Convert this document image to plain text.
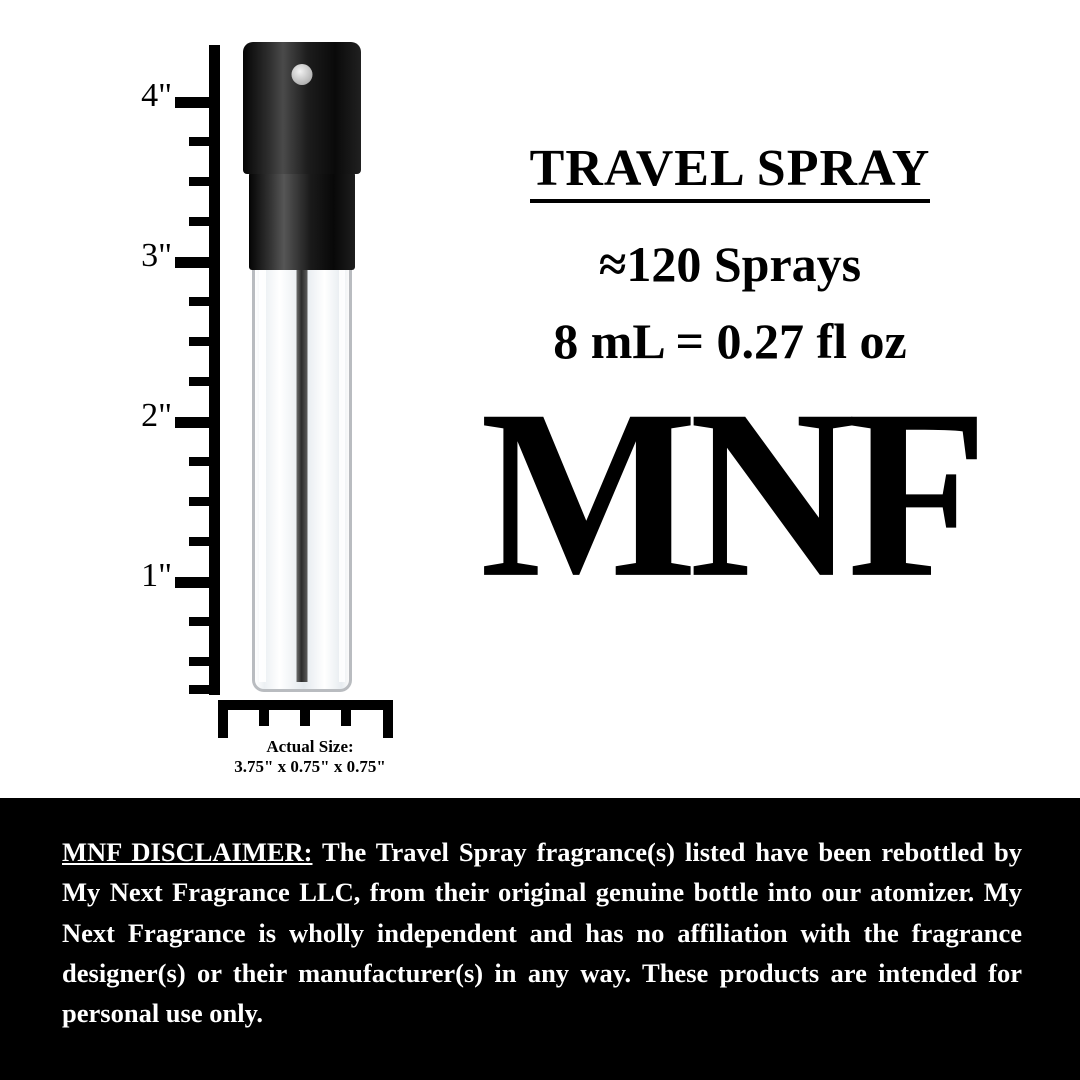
4"
3"
2"
1"
Actual Size:
3.75" x 0.75" x 0.75"
TRAVEL SPRAY
≈120 Sprays
8 mL = 0.27 fl oz
MNF

MNF DISCLAIMER: The Travel Spray fragrance(s) listed have been rebottled by My Next Fragrance LLC, from their original genuine bottle into our atomizer. My Next Fragrance is wholly independent and has no affiliation with the fragrance designer(s) or their manufacturer(s) in any way. These products are intended for personal use only.
